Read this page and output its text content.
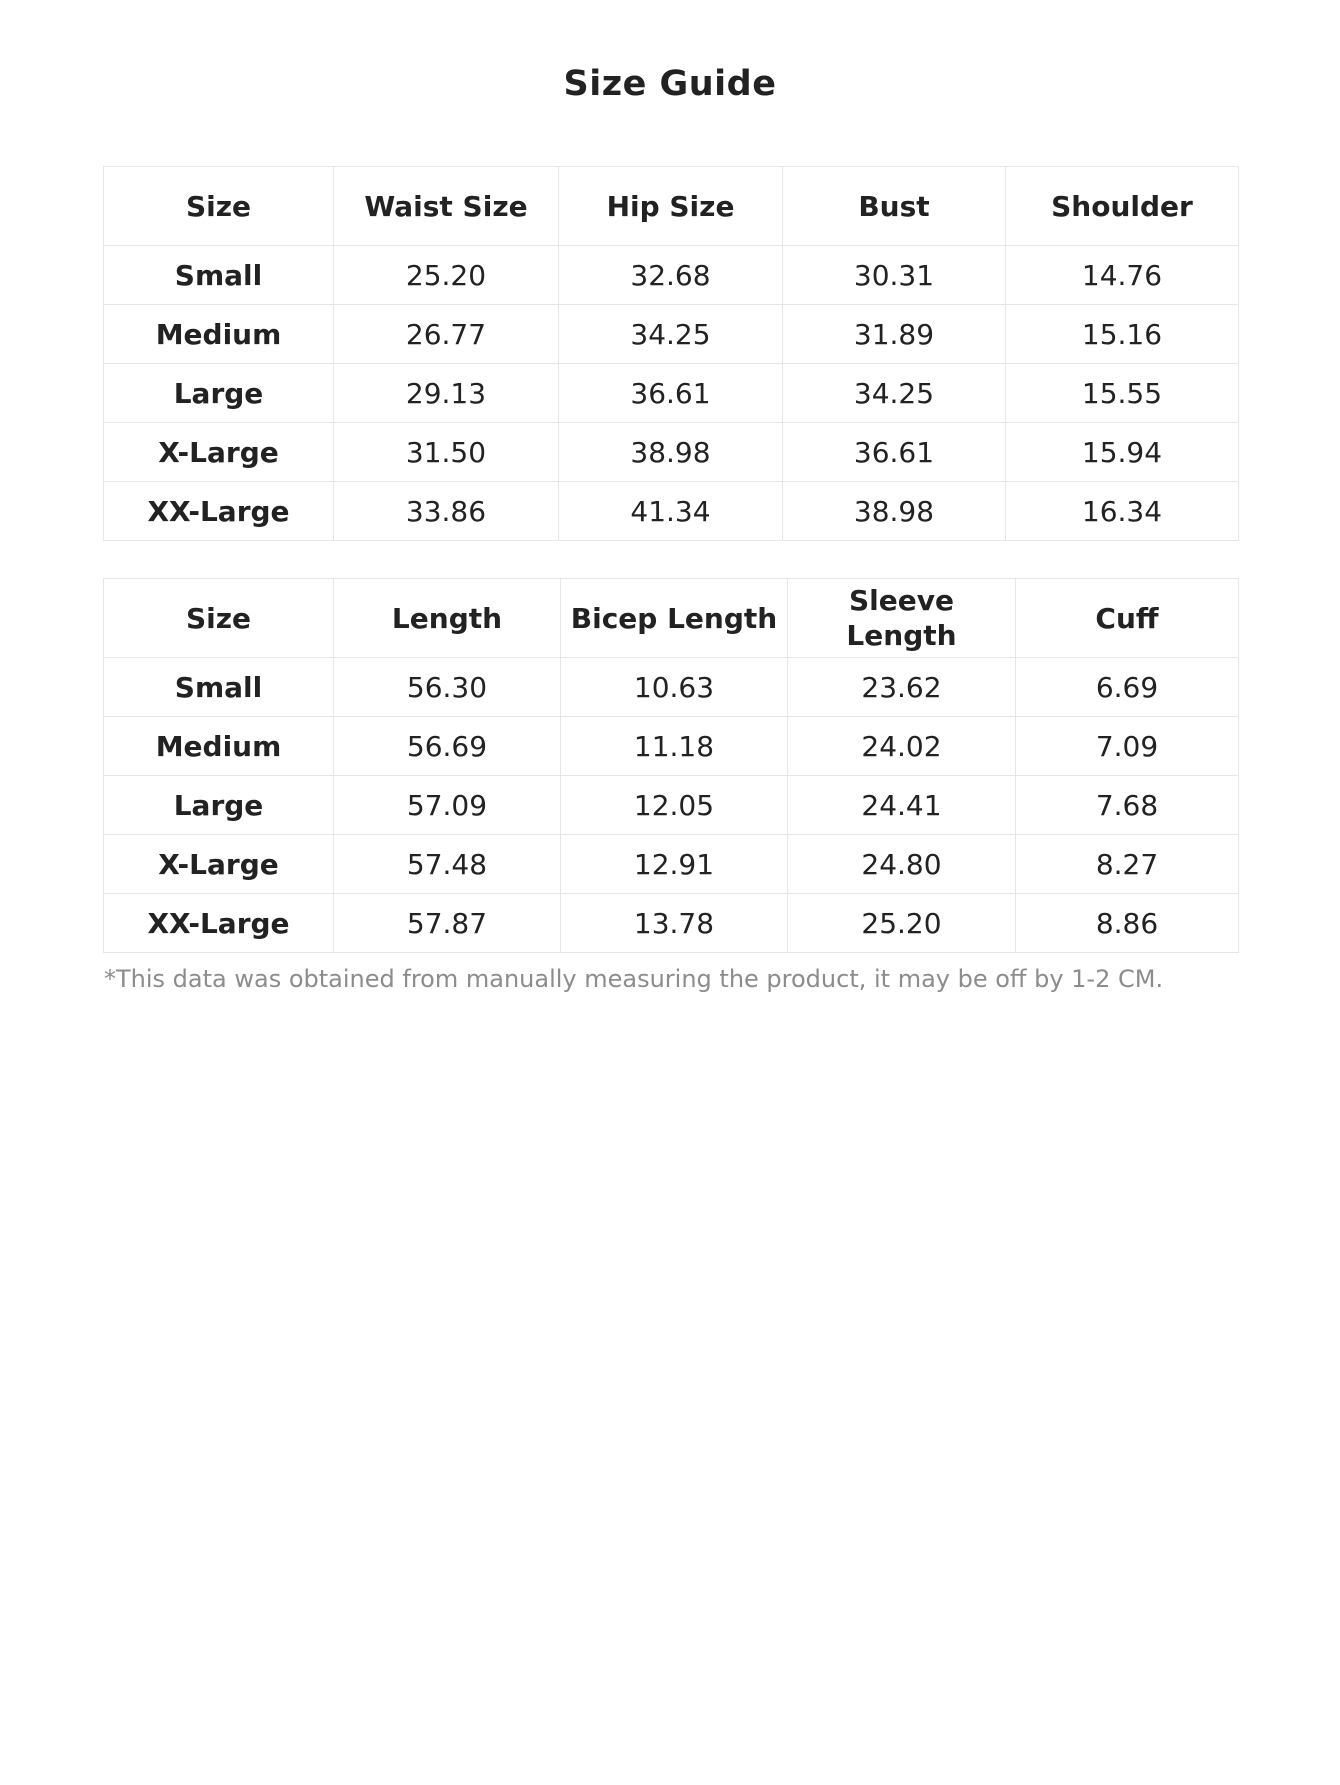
Size Guide
Size	Waist Size	Hip Size	Bust	Shoulder
Small	25.20	32.68	30.31	14.76
Medium	26.77	34.25	31.89	15.16
Large	29.13	36.61	34.25	15.55
X-Large	31.50	38.98	36.61	15.94
XX-Large	33.86	41.34	38.98	16.34
Size	Length	Bicep Length	Sleeve Length	Cuff
Small	56.30	10.63	23.62	6.69
Medium	56.69	11.18	24.02	7.09
Large	57.09	12.05	24.41	7.68
X-Large	57.48	12.91	24.80	8.27
XX-Large	57.87	13.78	25.20	8.86

*This data was obtained from manually measuring the product, it may be off by 1-2 CM.
